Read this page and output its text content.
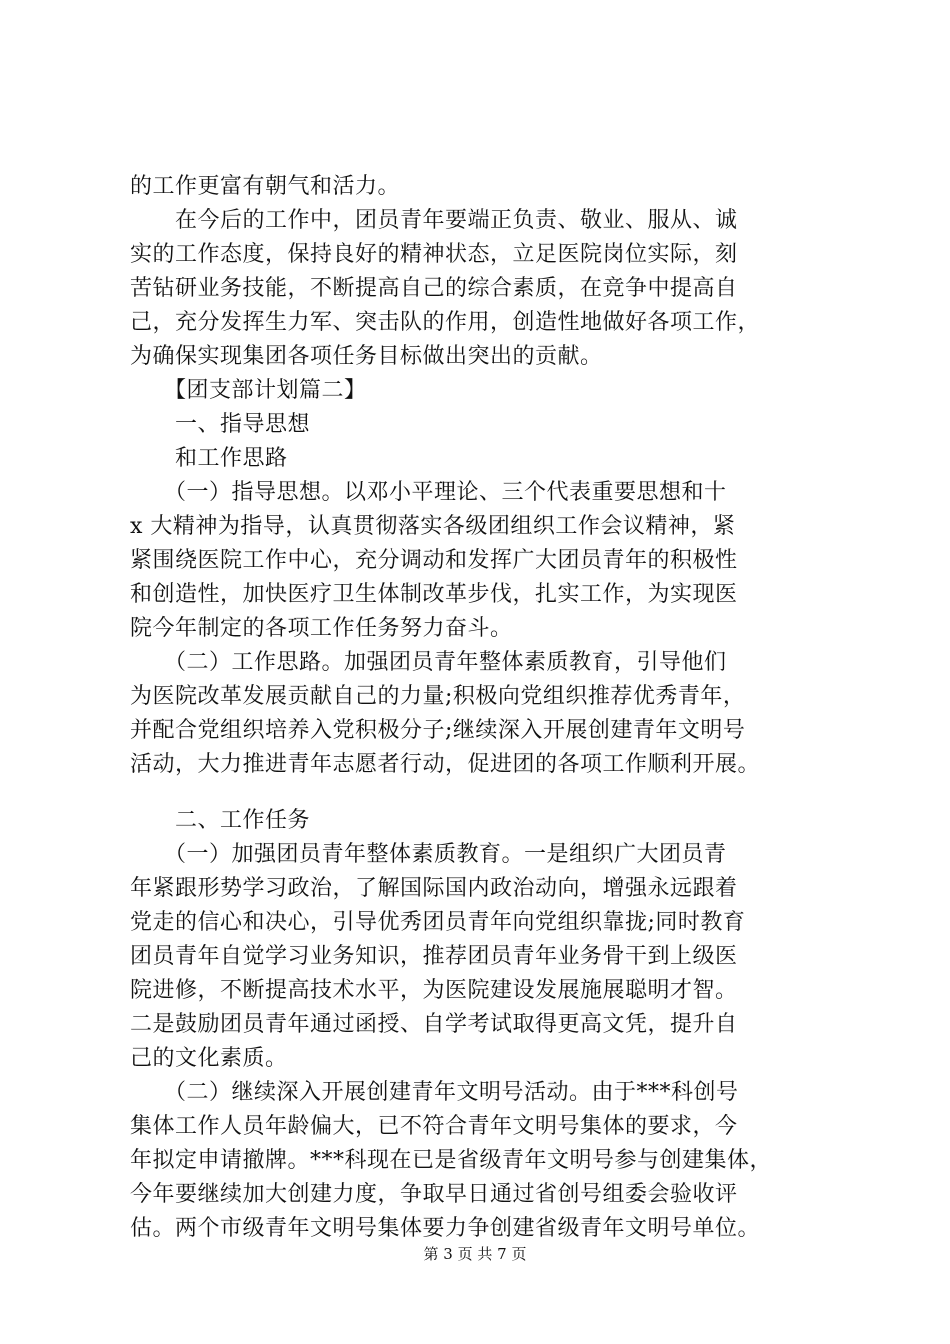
的工作更富有朝气和活力。
　　在今后的工作中，团员青年要端正负责、敬业、服从、诚
实的工作态度，保持良好的精神状态，立足医院岗位实际，刻
苦钻研业务技能，不断提高自己的综合素质，在竞争中提高自
己，充分发挥生力军、突击队的作用，创造性地做好各项工作，
为确保实现集团各项任务目标做出突出的贡献。
　　【团支部计划篇二】
　　一、指导思想
　　和工作思路
　　（一）指导思想。以邓小平理论、三个代表重要思想和十
x 大精神为指导，认真贯彻落实各级团组织工作会议精神，紧
紧围绕医院工作中心，充分调动和发挥广大团员青年的积极性
和创造性，加快医疗卫生体制改革步伐，扎实工作，为实现医
院今年制定的各项工作任务努力奋斗。
　　（二）工作思路。加强团员青年整体素质教育，引导他们
为医院改革发展贡献自己的力量;积极向党组织推荐优秀青年，
并配合党组织培养入党积极分子;继续深入开展创建青年文明号
活动，大力推进青年志愿者行动，促进团的各项工作顺利开展。
　　二、工作任务
　　（一）加强团员青年整体素质教育。一是组织广大团员青
年紧跟形势学习政治，了解国际国内政治动向，增强永远跟着
党走的信心和决心，引导优秀团员青年向党组织靠拢;同时教育
团员青年自觉学习业务知识，推荐团员青年业务骨干到上级医
院进修，不断提高技术水平，为医院建设发展施展聪明才智。
二是鼓励团员青年通过函授、自学考试取得更高文凭，提升自
己的文化素质。
　　（二）继续深入开展创建青年文明号活动。由于***科创号
集体工作人员年龄偏大，已不符合青年文明号集体的要求，今
年拟定申请撤牌。***科现在已是省级青年文明号参与创建集体，
今年要继续加大创建力度，争取早日通过省创号组委会验收评
估。两个市级青年文明号集体要力争创建省级青年文明号单位。
第 3 页 共 7 页
